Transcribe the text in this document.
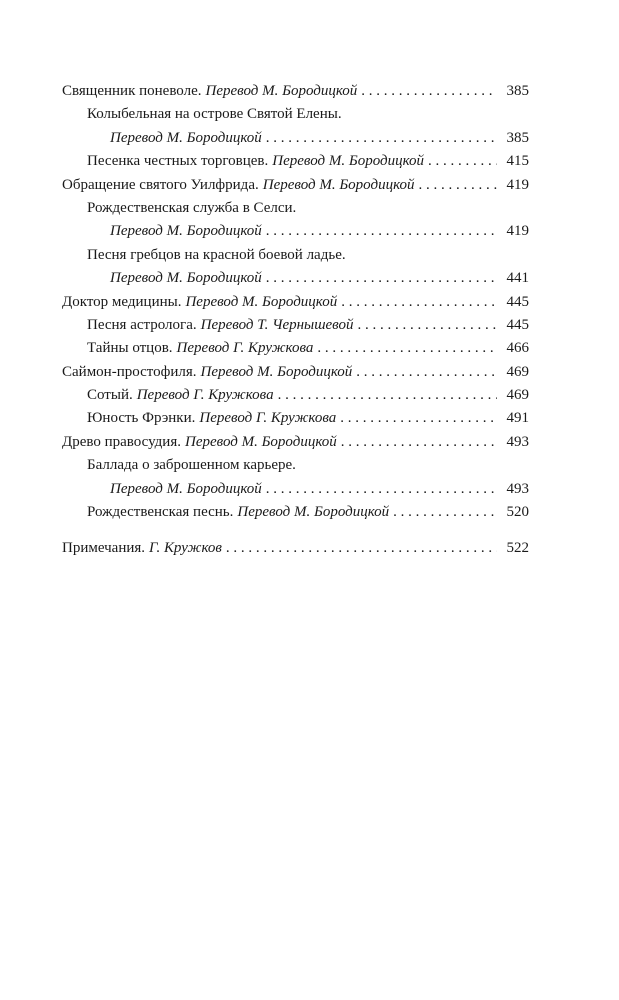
Священник поневоле. Перевод М. Бородицкой . . .	385
Колыбельная на острове Святой Елены.
Перевод М. Бородицкой . . .	385
Песенка честных торговцев. Перевод М. Бородицкой . . .	415
Обращение святого Уилфрида. Перевод М. Бородицкой . . .	419
Рождественская служба в Селси.
Перевод М. Бородицкой . . .	419
Песня гребцов на красной боевой ладье.
Перевод М. Бородицкой . . .	441
Доктор медицины. Перевод М. Бородицкой . . .	445
Песня астролога. Перевод Т. Чернышевой . . .	445
Тайны отцов. Перевод Г. Кружкова . . .	466
Саймон-простофиля. Перевод М. Бородицкой . . .	469
Сотый. Перевод Г. Кружкова . . .	469
Юность Фрэнки. Перевод Г. Кружкова . . .	491
Древо правосудия. Перевод М. Бородицкой . . .	493
Баллада о заброшенном карьере.
Перевод М. Бородицкой . . .	493
Рождественская песнь. Перевод М. Бородицкой . . .	520
Примечания. Г. Кружков . . .	522
